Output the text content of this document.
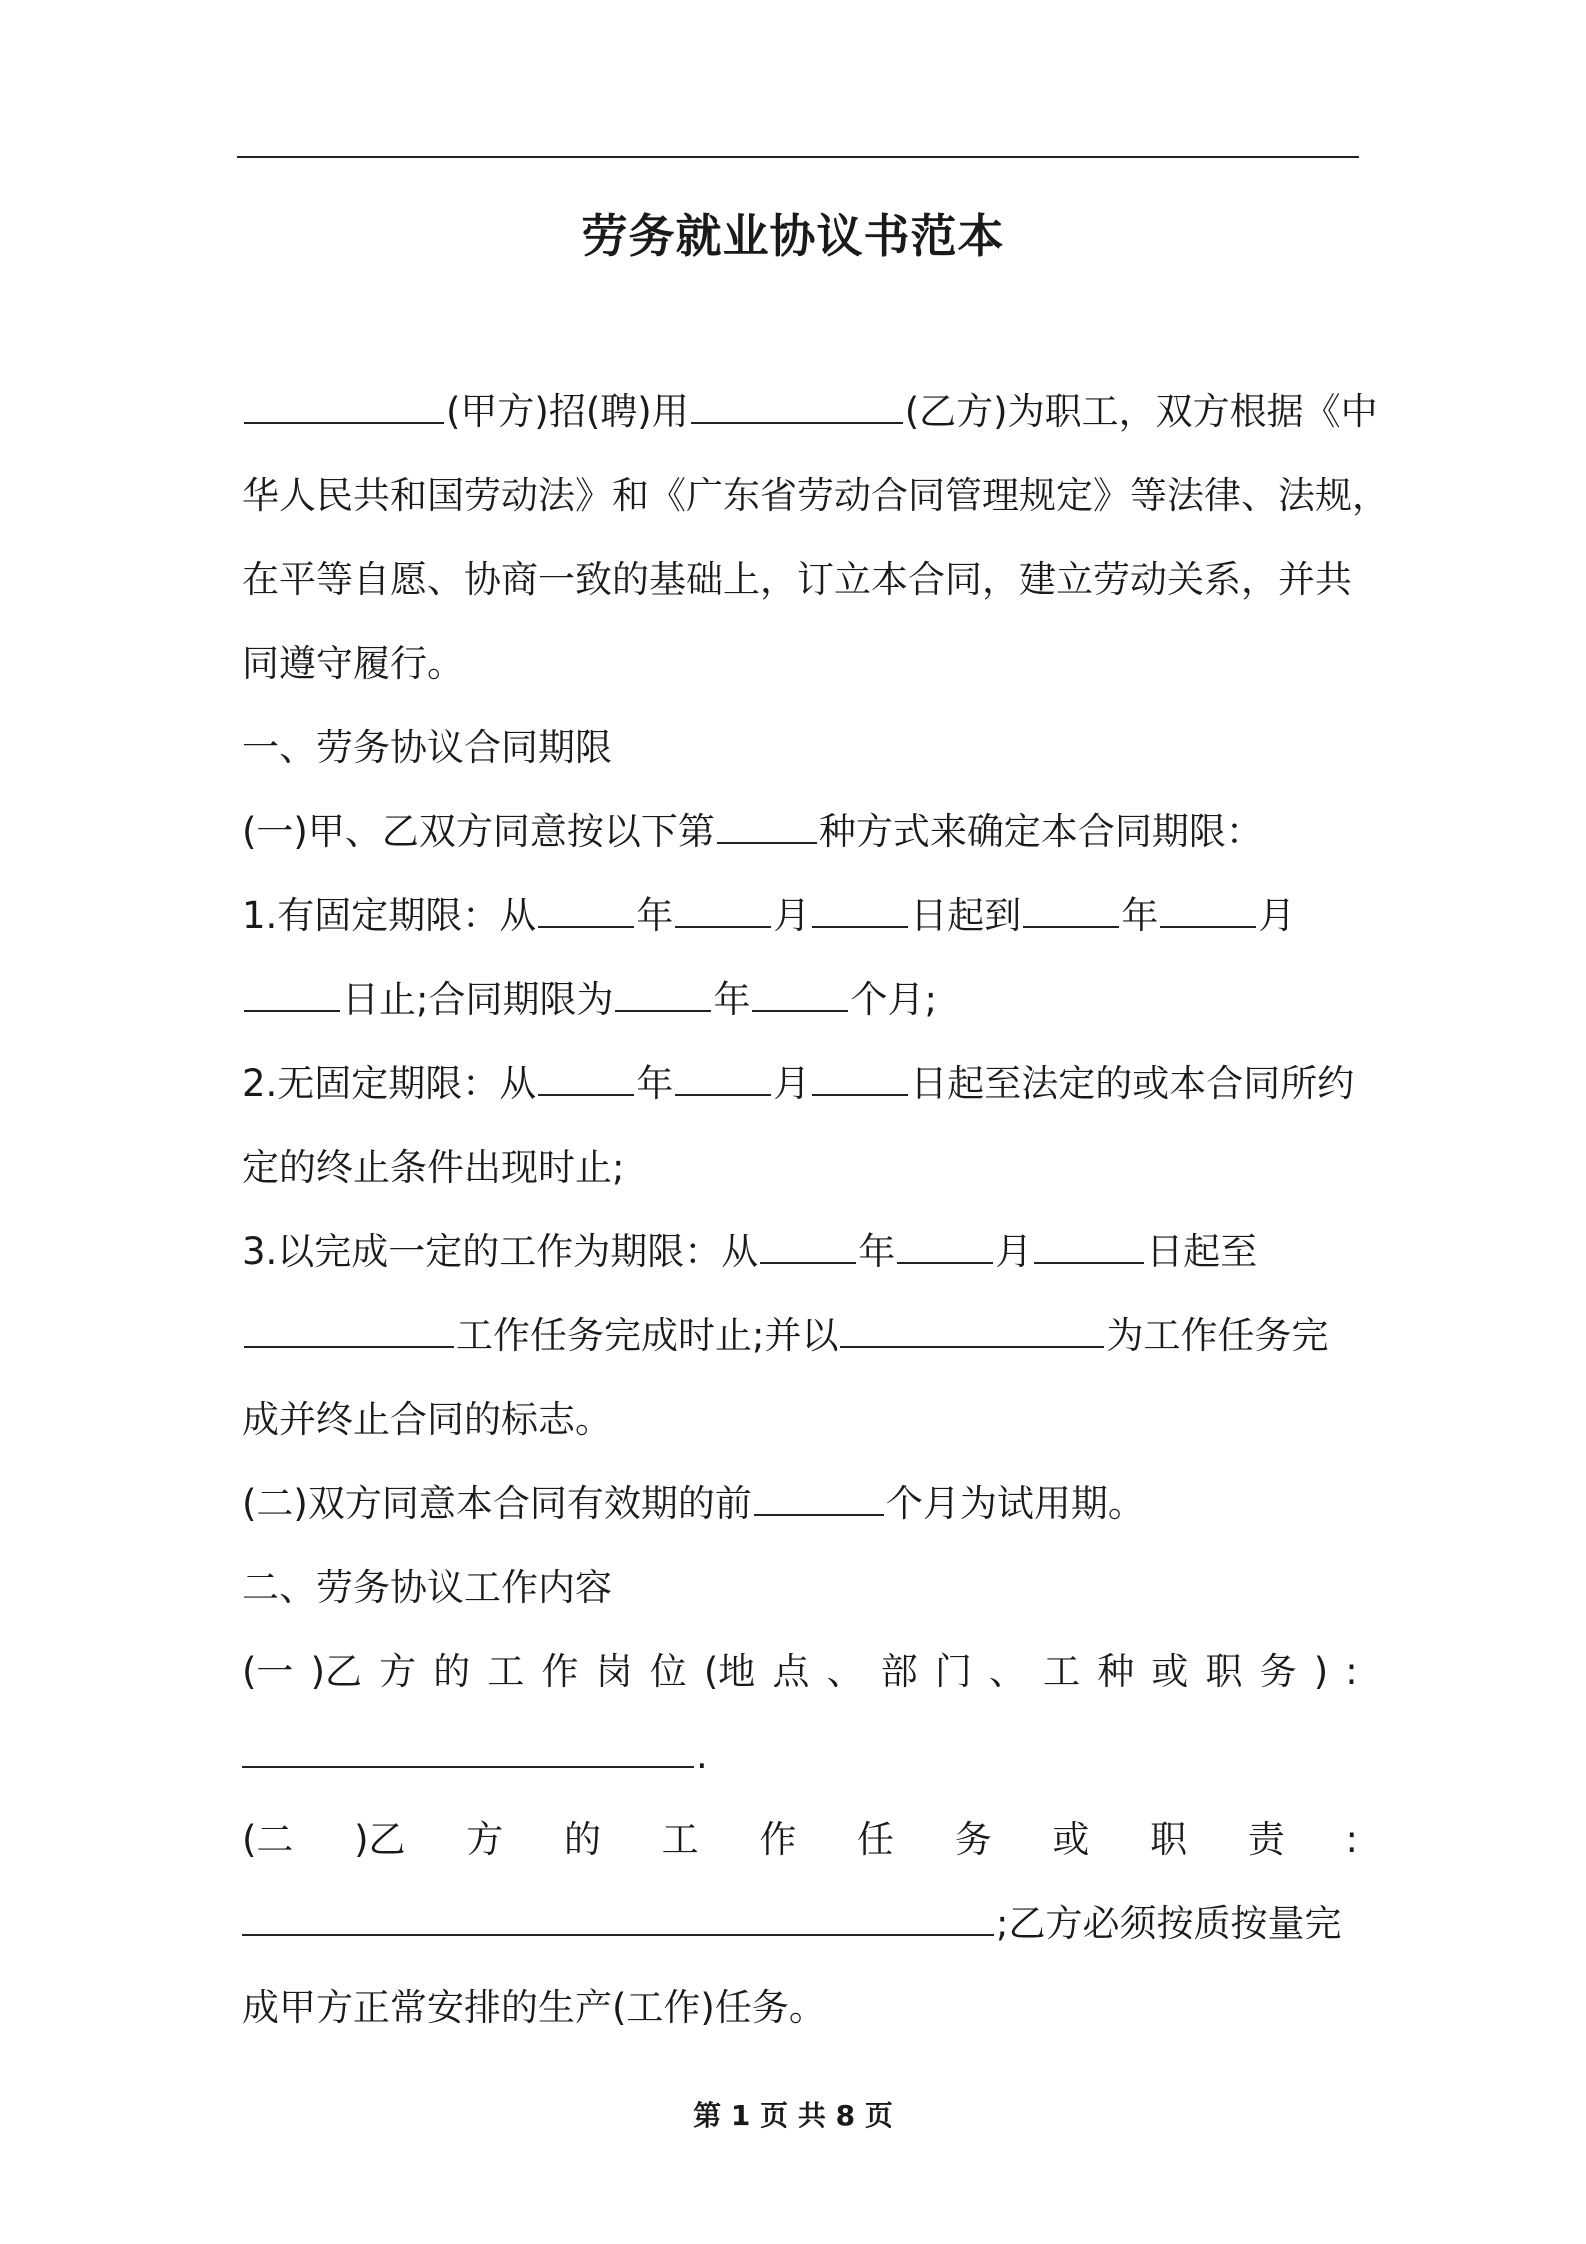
劳务就业协议书范本

(甲方)招(聘)用	(乙方)为职工，双方根据《中

华人民共和国劳动法》和《广东省劳动合同管理规定》等法律、法规，

在平等自愿、协商一致的基础上，订立本合同，建立劳动关系，并共

同遵守履行。

一、劳务协议合同期限

(一)甲、乙双方同意按以下第	种方式来确定本合同期限：

1.有固定期限：从	年	月	日起到	年	月

日止;合同期限为	年	个月;

2.无固定期限：从	年	月	日起至法定的或本合同所约

定的终止条件出现时止;

3.以完成一定的工作为期限：从	年	月	日起至

工作任务完成时止;并以	为工作任务完

成并终止合同的标志。

(二)双方同意本合同有效期的前	个月为试用期。

二、劳务协议工作内容

(一 )乙 方 的 工 作 岗 位 (地 点 、 部 门 、 工 种 或 职 务 ) :

.

(二 )乙 方 的 工 作 任 务 或 职 责 :

;乙方必须按质按量完

成甲方正常安排的生产(工作)任务。

第 1 页 共 8 页
